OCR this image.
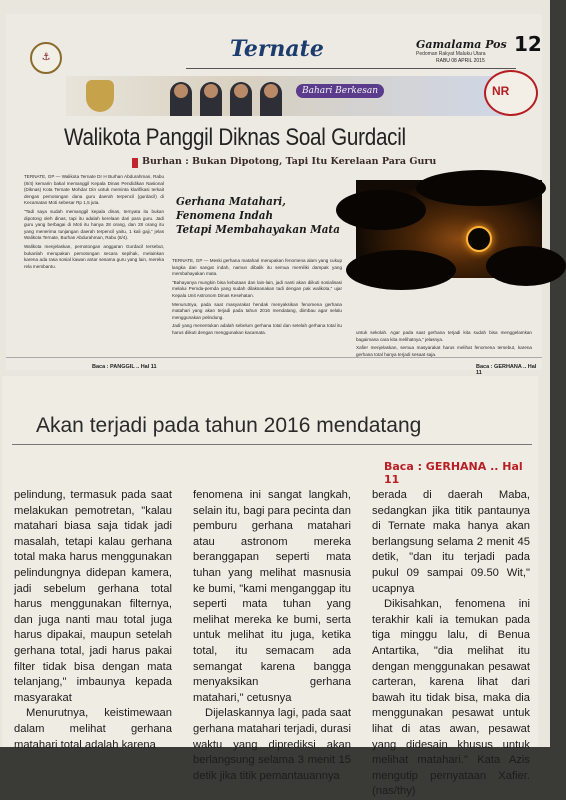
⚓	Ternate	Gamalama Pos
Pedoman Rakyat Maluku Utara 12
RABU 08 APRIL 2015
Bahari Berkesan	NR
Walikota Panggil Diknas Soal Gurdacil
Burhan : Bukan Dipotong, Tapi Itu Kerelaan Para Guru

TERNATE, GP — Walikota Ternate Dr H Burhan Abdurahman, Rabu (8/4) kemarin bakal memanggil Kepala Dinas Pendidikan Nasional (Diknas) Kota Ternate Mohdar Din untuk meminta klarifikasi terkait dengan pemotongan dana guru daerah terpencil (gurdacil) di Kecamatan Moti sebesar Rp 1,5 juta.

"Tadi saya sudah memanggil kepala dinas, ternyata itu bukan dipotong oleh dinas, tapi itu adalah kerelaan dari para guru. Jadi guru yang berbagai di Moti itu hanya 28 orang, dan 28 orang itu yang menerima tunjangan daerah terpencil yaitu, 1 kali gaji," jelas Walikota Ternate, Burhan Abdurahman, Rabu (8/4).

Walikota menjelaskan, pemotongan anggaran Gurdacil tersebut, bukanlah merupakan pemotongan secara sepihak, melainkan karena ada rasa sosial kawan antar sesama guru yang lain, mereka rela membantu.

Baca : PANGGIL .. Hal 11
Gerhana Matahari,
Fenomena Indah
Tetapi Membahayakan Mata

TERNATE, GP — Meski gerhana matahari merupakan fenomena alam yang cukup langka dan sangat indah, namun dibalik itu semua memiliki dampak yang membahayakan mata.

"Bahayanya mungkin bisa kebutaan dan lain-lain, jadi nanti akan diikuti sosialisasi melalui Pemda-pemda yang sudah dilaksanakan tadi dengan pak walikota," ujar Kepala Unit Astronom Dinas Kesehatan.

Menurutnya, pada saat masyarakat hendak menyaksikan fenomena gerhana matahari yang akan terjadi pada tahun 2016 mendatang, diimbau agar selalu menggunakan pelindung.

Jadi yang menentukan adalah sebelum gerhana total dan setelah gerhana total itu harus diikuti dengan menggunakan kacamata.	untuk sekolah. Agar pada saat gerhana terjadi kita sudah bisa menggelamkan bagaimana cara kita melihatnya," jelasnya.

Xafier menjelaskan, semua masyarakat harus melihat fenomena tersebut, karena gerhana total hanya terjadi sesaat saja.

Baca : GERHANA .. Hal 11
Akan terjadi pada tahun 2016 mendatang
Baca : GERHANA .. Hal 11

pelindung, termasuk pada saat melakukan pemotretan, "kalau matahari biasa saja tidak jadi masalah, tetapi kalau gerhana total maka harus menggunakan pelindungnya didepan kamera, jadi sebelum gerhana total harus menggunakan filternya, dan juga nanti mau total juga harus dipakai, maupun setelah gerhana total, jadi harus pakai filter tidak bisa dengan mata telanjang," imbaunya kepada masyarakat

Menurutnya, keistimewaan dalam melihat gerhana matahari total adalah karena

fenomena ini sangat langkah, selain itu, bagi para pecinta dan pemburu gerhana matahari atau astronom mereka beranggapan seperti mata tuhan yang melihat masnusia ke bumi, "kami menganggap itu seperti mata tuhan yang melihat mereka ke bumi, serta untuk melihat itu juga, ketika total, itu semacam ada semangat karena bangga menyaksikan gerhana matahari," cetusnya

Dijelaskannya lagi, pada saat gerhana matahari terjadi, durasi waktu yang diprediksi akan berlangsung selama 3 menit 15 detik jika titik pemantauannya

berada di daerah Maba, sedangkan jika titik pantaunya di Ternate maka hanya akan berlangsung selama 2 menit 45 detik, "dan itu terjadi pada pukul 09 sampai 09.50 Wit," ucapnya

Dikisahkan, fenomena ini terakhir kali ia temukan pada tiga minggu lalu, di Benua Antartika, "dia melihat itu dengan menggunakan pesawat carteran, karena lihat dari bawah itu tidak bisa, maka dia menggunakan pesawat untuk lihat di atas awan, pesawat yang didesain khusus untuk melihat matahari." Kata Azis mengutip pernyataan Xafier. (nas/thy)
